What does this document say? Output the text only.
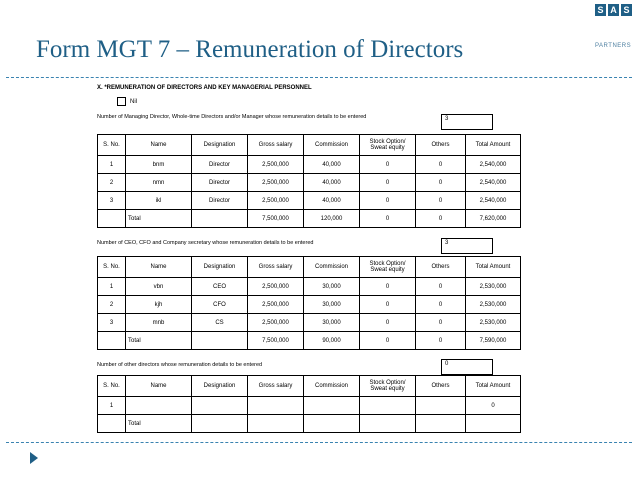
Form MGT 7 – Remuneration of Directors
S A S
PARTNERS
X. *REMUNERATION OF DIRECTORS AND KEY MANAGERIAL PERSONNEL
Nil
Number of Managing Director, Whole-time Directors and/or Manager whose remuneration details to be entered	3
S. No.	Name	Designation	Gross salary	Commission	Stock Option/ Sweat equity	Others	Total Amount
1	bnm	Director	2,500,000	40,000	0	0	2,540,000
2	nmn	Director	2,500,000	40,000	0	0	2,540,000
3	ikl	Director	2,500,000	40,000	0	0	2,540,000
	Total		7,500,000	120,000	0	0	7,620,000
Number of CEO, CFO and Company secretary whose remuneration details to be entered	3
S. No.	Name	Designation	Gross salary	Commission	Stock Option/ Sweat equity	Others	Total Amount
1	vbn	CEO	2,500,000	30,000	0	0	2,530,000
2	kjh	CFO	2,500,000	30,000	0	0	2,530,000
3	mnb	CS	2,500,000	30,000	0	0	2,530,000
	Total		7,500,000	90,000	0	0	7,590,000
Number of other directors whose remuneration details to be entered	0
S. No.	Name	Designation	Gross salary	Commission	Stock Option/ Sweat equity	Others	Total Amount
1							0
	Total						
